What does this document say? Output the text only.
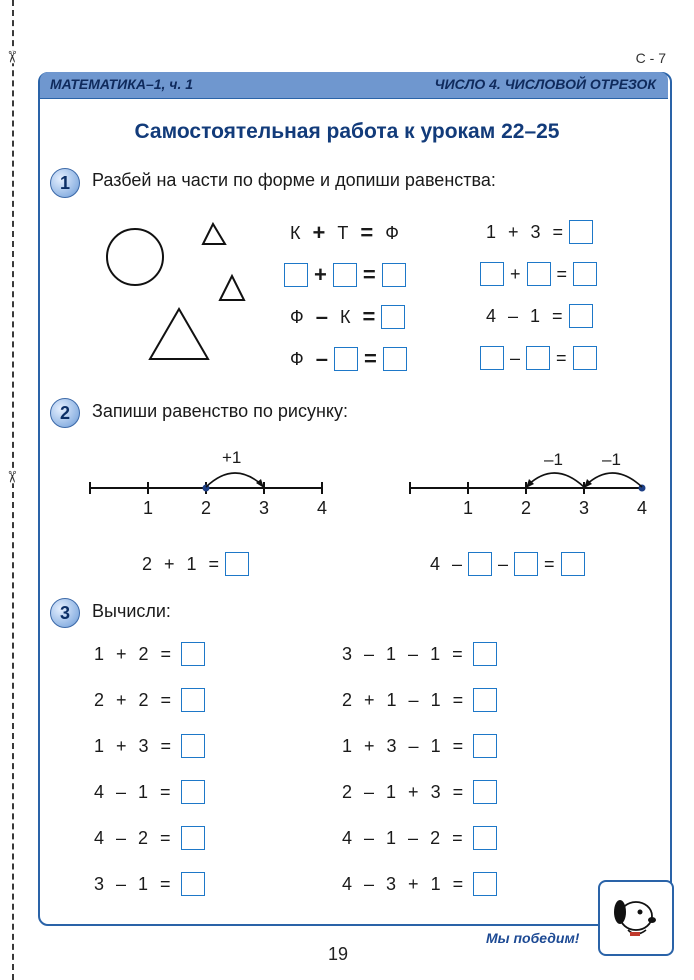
✂
✂
С - 7
МАТЕМАТИКА–1, ч. 1	ЧИСЛО 4. ЧИСЛОВОЙ ОТРЕЗОК
Самостоятельная работа к урокам 22–25
1	Разбей на части по форме и допиши равенства:
К + Т = Ф
+ =
Ф – К =
Ф – =
1 + 3 =
+ =
4 – 1 =
– =
2	Запиши равенство по рисунку:
+1
1	2	3	4
–1 –1
1	2	3	4
2 + 1 =	4 – – =
3	Вычисли:
1 + 2 =
2 + 2 =
1 + 3 =
4 – 1 =
4 – 2 =
3 – 1 =
3 – 1 – 1 =
2 + 1 – 1 =
1 + 3 – 1 =
2 – 1 + 3 =
4 – 1 – 2 =
4 – 3 + 1 =
19
Мы победим!
